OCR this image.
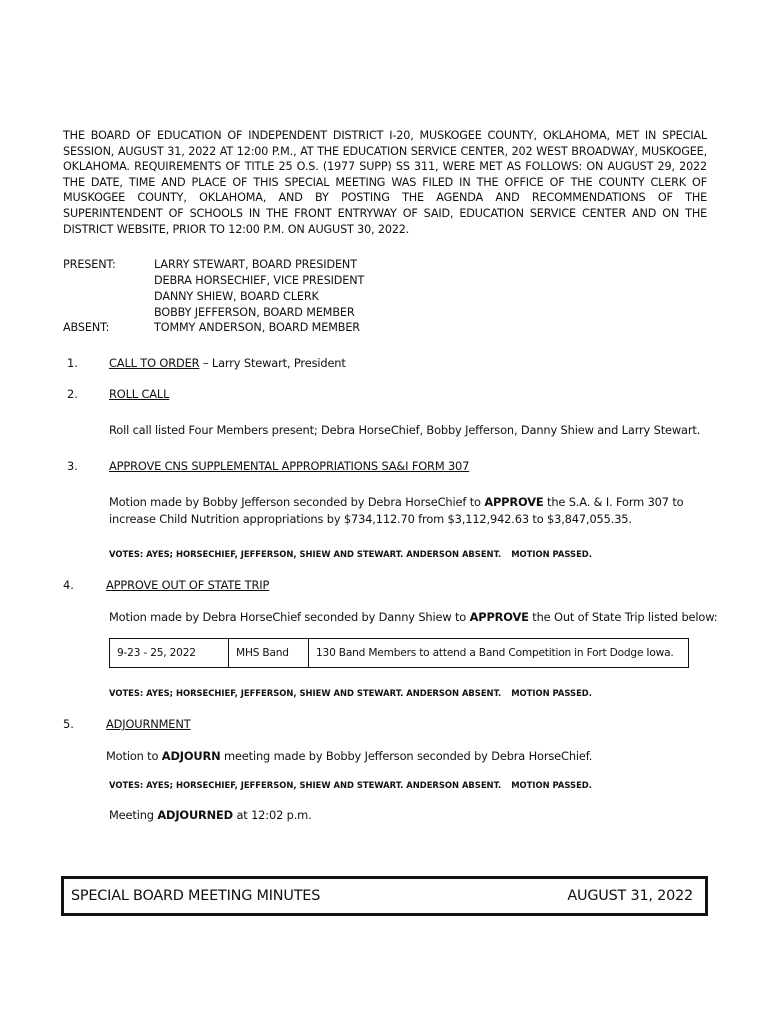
THE BOARD OF EDUCATION OF INDEPENDENT DISTRICT I-20, MUSKOGEE COUNTY, OKLAHOMA, MET IN SPECIAL SESSION, AUGUST 31, 2022 AT 12:00 P.M., AT THE EDUCATION SERVICE CENTER, 202 WEST BROADWAY, MUSKOGEE, OKLAHOMA. REQUIREMENTS OF TITLE 25 O.S. (1977 SUPP) SS 311, WERE MET AS FOLLOWS: ON AUGUST 29, 2022 THE DATE, TIME AND PLACE OF THIS SPECIAL MEETING WAS FILED IN THE OFFICE OF THE COUNTY CLERK OF MUSKOGEE COUNTY, OKLAHOMA, AND BY POSTING THE AGENDA AND RECOMMENDATIONS OF THE SUPERINTENDENT OF SCHOOLS IN THE FRONT ENTRYWAY OF SAID, EDUCATION SERVICE CENTER AND ON THE DISTRICT WEBSITE, PRIOR TO 12:00 P.M. ON AUGUST 30, 2022.
PRESENT:	LARRY STEWART, BOARD PRESIDENT
DEBRA HORSECHIEF, VICE PRESIDENT
DANNY SHIEW, BOARD CLERK
BOBBY JEFFERSON, BOARD MEMBER
ABSENT:	TOMMY ANDERSON, BOARD MEMBER
1.	CALL TO ORDER – Larry Stewart, President
2.	ROLL CALL
Roll call listed Four Members present; Debra HorseChief, Bobby Jefferson, Danny Shiew and Larry Stewart.
3.	APPROVE CNS SUPPLEMENTAL APPROPRIATIONS SA&I FORM 307
Motion made by Bobby Jefferson seconded by Debra HorseChief to APPROVE the S.A. & I. Form 307 to
increase Child Nutrition appropriations by $734,112.70 from $3,112,942.63 to $3,847,055.35.
VOTES: AYES; HORSECHIEF, JEFFERSON, SHIEW AND STEWART. ANDERSON ABSENT. MOTION PASSED.
4.	APPROVE OUT OF STATE TRIP
Motion made by Debra HorseChief seconded by Danny Shiew to APPROVE the Out of State Trip listed below:
9-23 - 25, 2022	MHS Band	130 Band Members to attend a Band Competition in Fort Dodge Iowa.
VOTES: AYES; HORSECHIEF, JEFFERSON, SHIEW AND STEWART. ANDERSON ABSENT. MOTION PASSED.
5.	ADJOURNMENT
Motion to ADJOURN meeting made by Bobby Jefferson seconded by Debra HorseChief.
VOTES: AYES; HORSECHIEF, JEFFERSON, SHIEW AND STEWART. ANDERSON ABSENT. MOTION PASSED.
Meeting ADJOURNED at 12:02 p.m.
SPECIAL BOARD MEETING MINUTES	AUGUST 31, 2022
